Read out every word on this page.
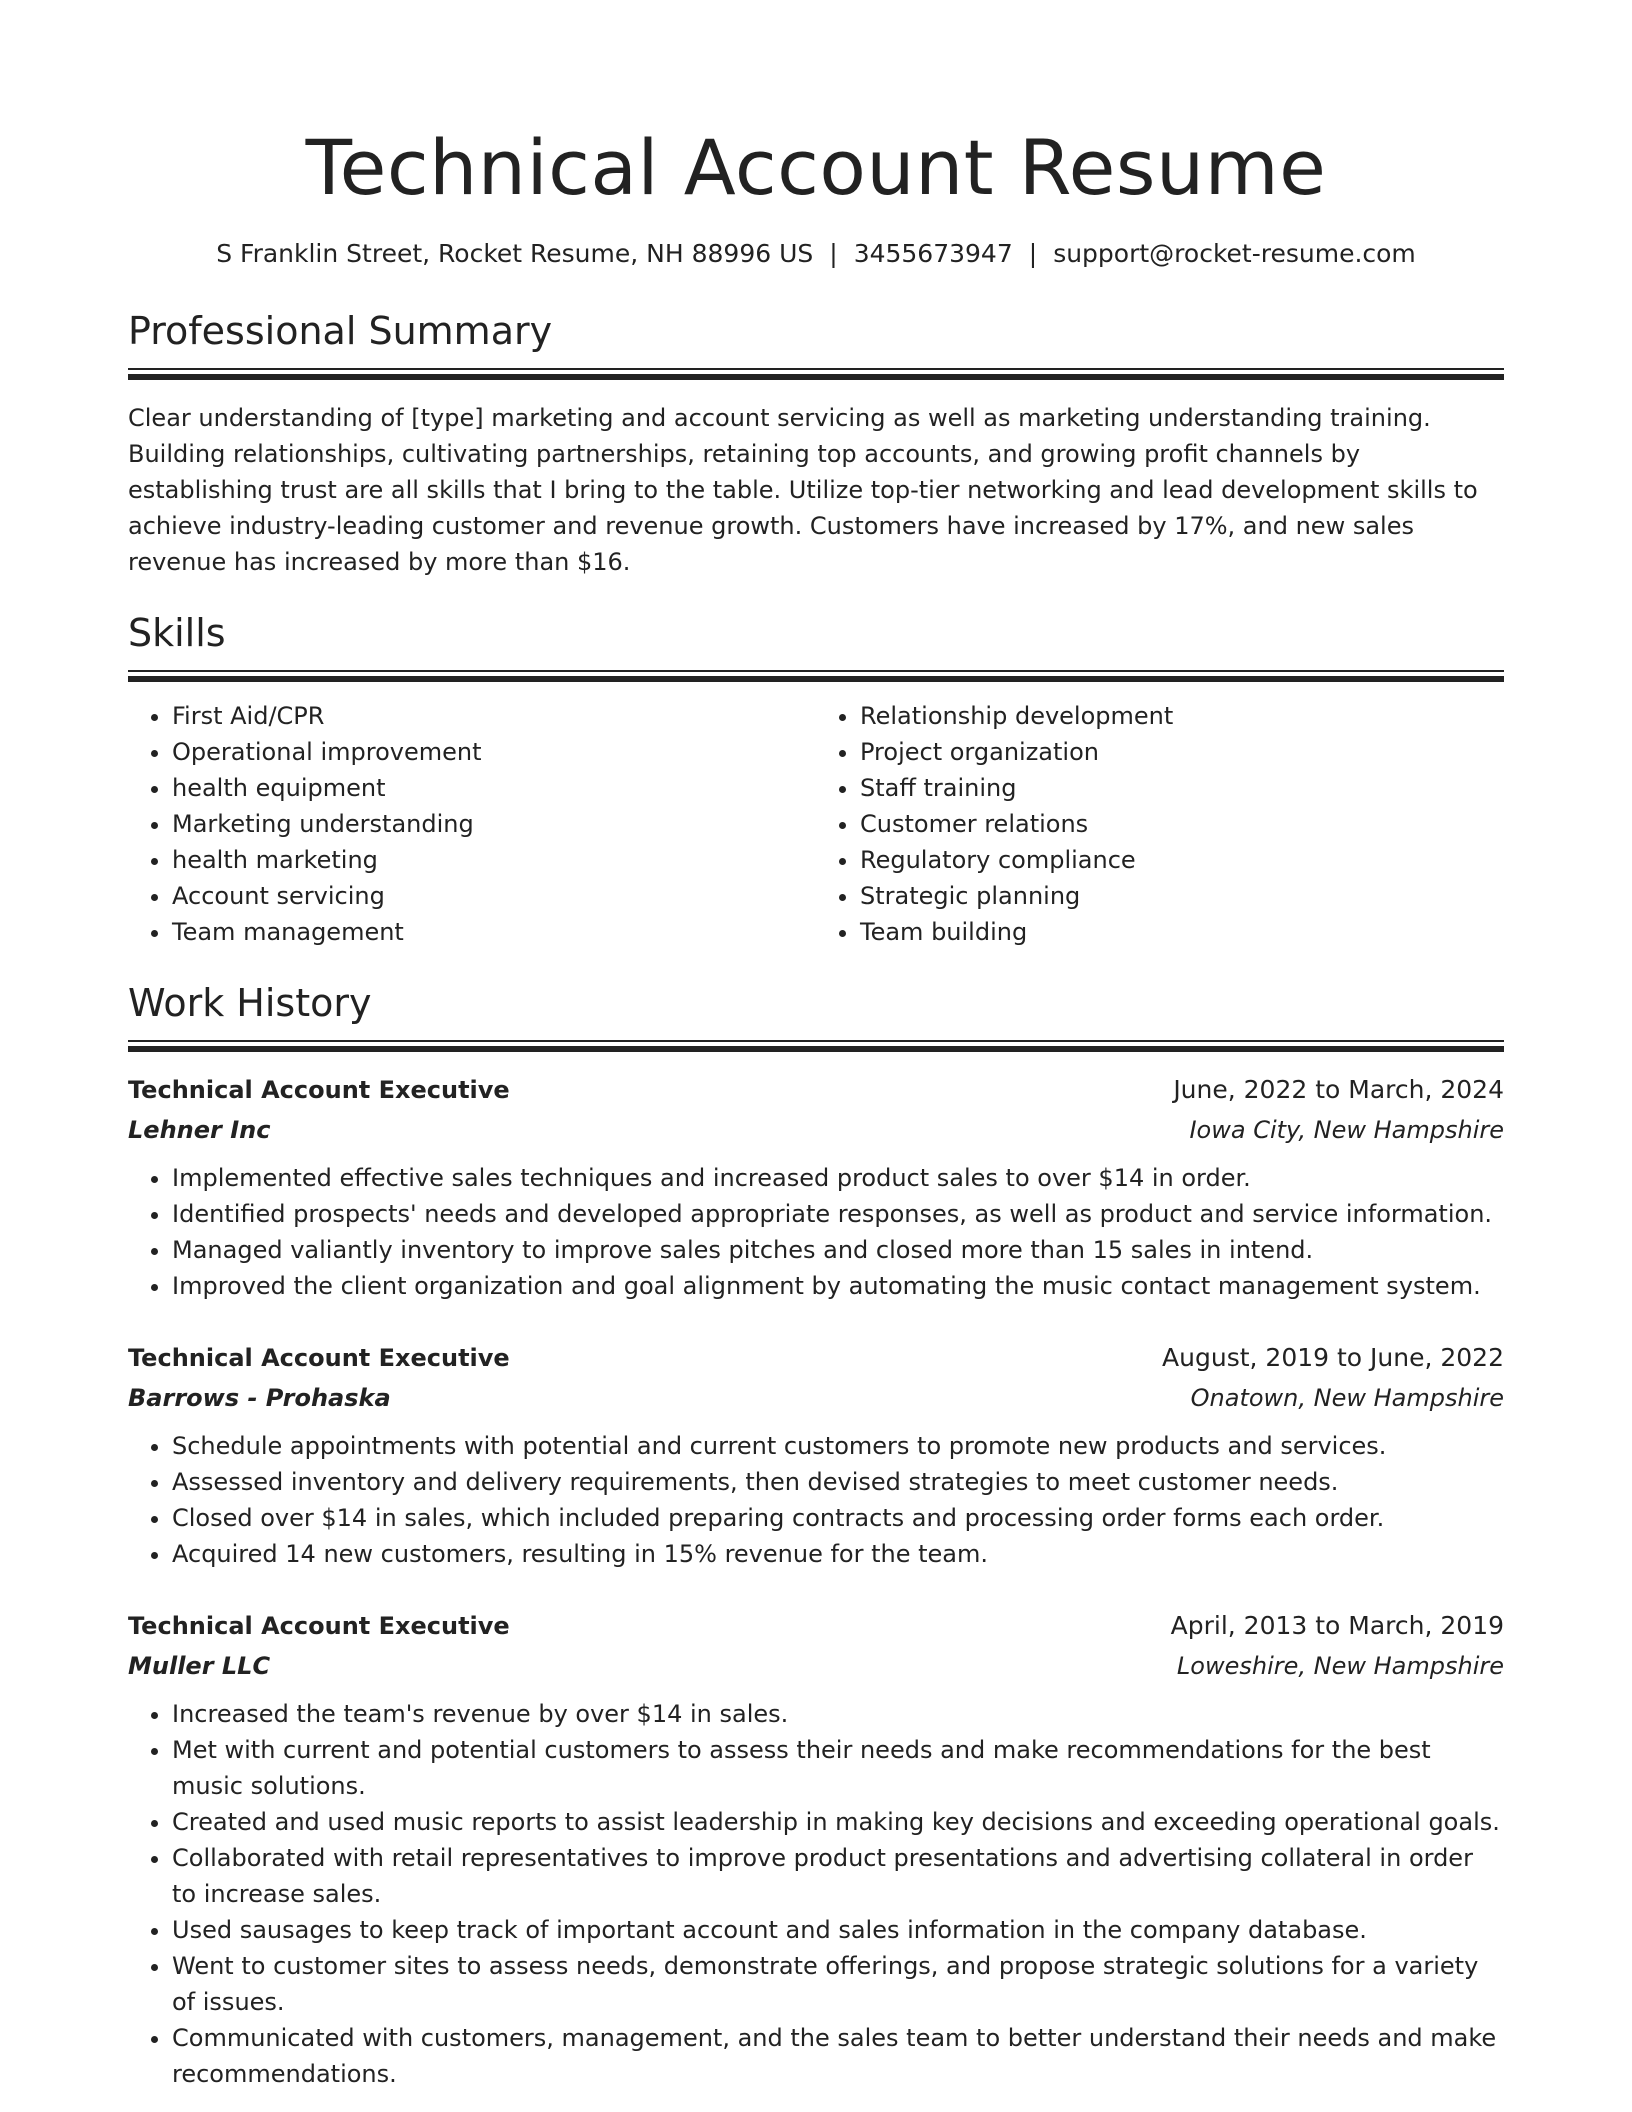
Technical Account Resume
S Franklin Street, Rocket Resume, NH 88996 US | 3455673947 | support@rocket-resume.com
Professional Summary
Clear understanding of [type] marketing and account servicing as well as marketing understanding training. Building relationships, cultivating partnerships, retaining top accounts, and growing profit channels by establishing trust are all skills that I bring to the table. Utilize top-tier networking and lead development skills to achieve industry-leading customer and revenue growth. Customers have increased by 17%, and new sales revenue has increased by more than $16.
Skills
• First Aid/CPR
• Operational improvement
• health equipment
• Marketing understanding
• health marketing
• Account servicing
• Team management
• Relationship development
• Project organization
• Staff training
• Customer relations
• Regulatory compliance
• Strategic planning
• Team building
Work History
Technical Account Executive	June, 2022 to March, 2024
Lehner Inc	Iowa City, New Hampshire
• Implemented effective sales techniques and increased product sales to over $14 in order.
• Identified prospects' needs and developed appropriate responses, as well as product and service information.
• Managed valiantly inventory to improve sales pitches and closed more than 15 sales in intend.
• Improved the client organization and goal alignment by automating the music contact management system.
Technical Account Executive	August, 2019 to June, 2022
Barrows - Prohaska	Onatown, New Hampshire
• Schedule appointments with potential and current customers to promote new products and services.
• Assessed inventory and delivery requirements, then devised strategies to meet customer needs.
• Closed over $14 in sales, which included preparing contracts and processing order forms each order.
• Acquired 14 new customers, resulting in 15% revenue for the team.
Technical Account Executive	April, 2013 to March, 2019
Muller LLC	Loweshire, New Hampshire
• Increased the team's revenue by over $14 in sales.
• Met with current and potential customers to assess their needs and make recommendations for the best music solutions.
• Created and used music reports to assist leadership in making key decisions and exceeding operational goals.
• Collaborated with retail representatives to improve product presentations and advertising collateral in order to increase sales.
• Used sausages to keep track of important account and sales information in the company database.
• Went to customer sites to assess needs, demonstrate offerings, and propose strategic solutions for a variety of issues.
• Communicated with customers, management, and the sales team to better understand their needs and make recommendations.
